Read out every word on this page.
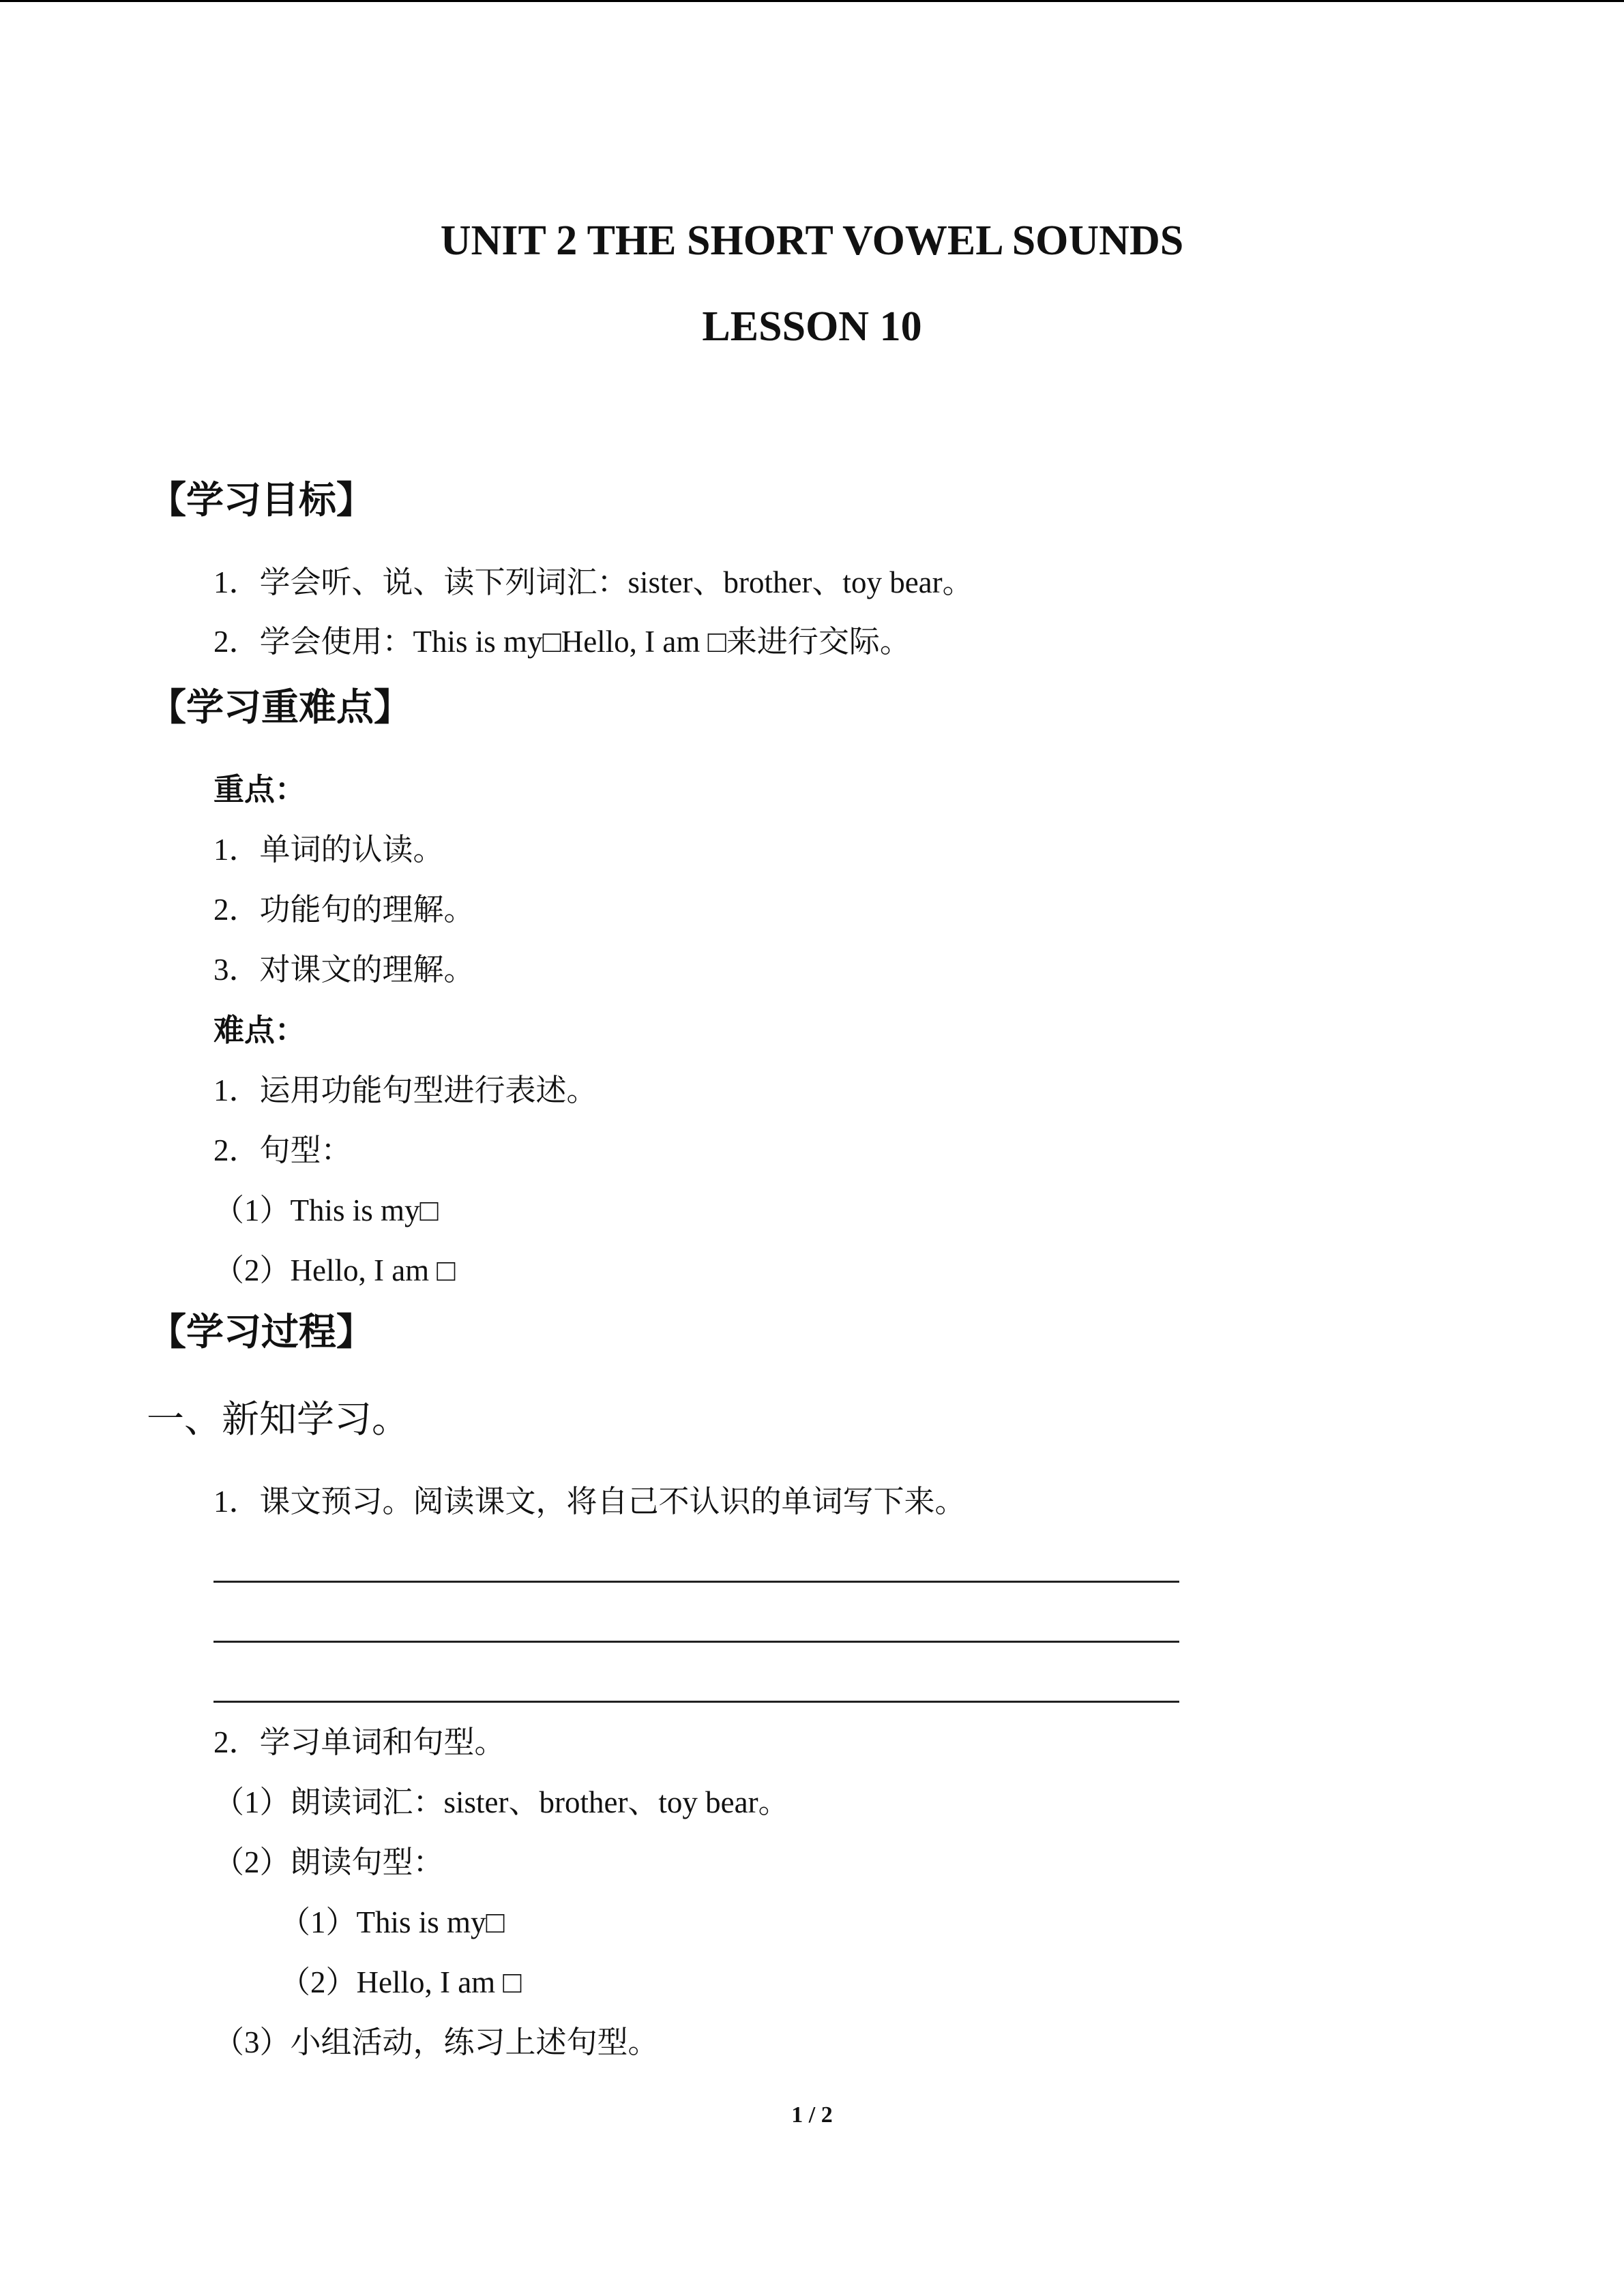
UNIT 2 THE SHORT VOWEL SOUNDS
LESSON 10
【学习目标】
1．学会听、说、读下列词汇：sister、brother、toy bear。
2．学会使用：This is my□Hello, I am □来进行交际。
【学习重难点】
重点：
1．单词的认读。
2．功能句的理解。
3．对课文的理解。
难点：
1．运用功能句型进行表述。
2．句型：
（1）This is my□
（2）Hello, I am □
【学习过程】
一、新知学习。
1．课文预习。阅读课文，将自己不认识的单词写下来。
2．学习单词和句型。
（1）朗读词汇：sister、brother、toy bear。
（2）朗读句型：
（1）This is my□
（2）Hello, I am □
（3）小组活动，练习上述句型。
1 / 2
